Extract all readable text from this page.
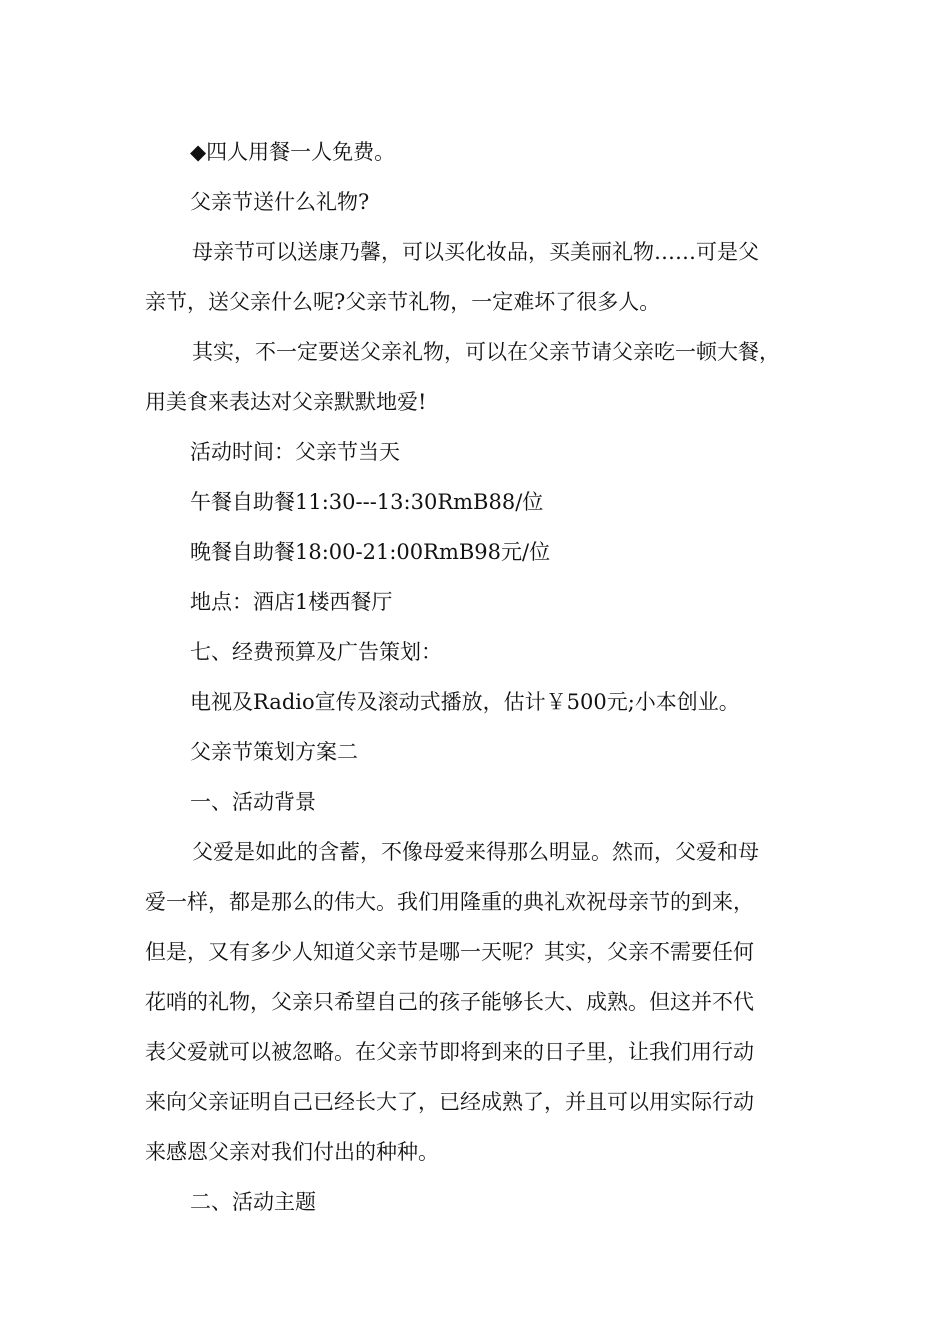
◆四人用餐一人免费。
父亲节送什么礼物?
母亲节可以送康乃馨，可以买化妆品，买美丽礼物……可是父
亲节，送父亲什么呢?父亲节礼物，一定难坏了很多人。
其实，不一定要送父亲礼物，可以在父亲节请父亲吃一顿大餐，
用美食来表达对父亲默默地爱!
活动时间：父亲节当天
午餐自助餐11:30---13:30RmB88/位
晚餐自助餐18:00-21:00RmB98元/位
地点：酒店1楼西餐厅
七、经费预算及广告策划：
电视及Radio宣传及滚动式播放，估计￥500元;小本创业。
父亲节策划方案二
一、活动背景
父爱是如此的含蓄，不像母爱来得那么明显。然而，父爱和母
爱一样，都是那么的伟大。我们用隆重的典礼欢祝母亲节的到来，
但是，又有多少人知道父亲节是哪一天呢？其实，父亲不需要任何
花哨的礼物，父亲只希望自己的孩子能够长大、成熟。但这并不代
表父爱就可以被忽略。在父亲节即将到来的日子里，让我们用行动
来向父亲证明自己已经长大了，已经成熟了，并且可以用实际行动
来感恩父亲对我们付出的种种。
二、活动主题
